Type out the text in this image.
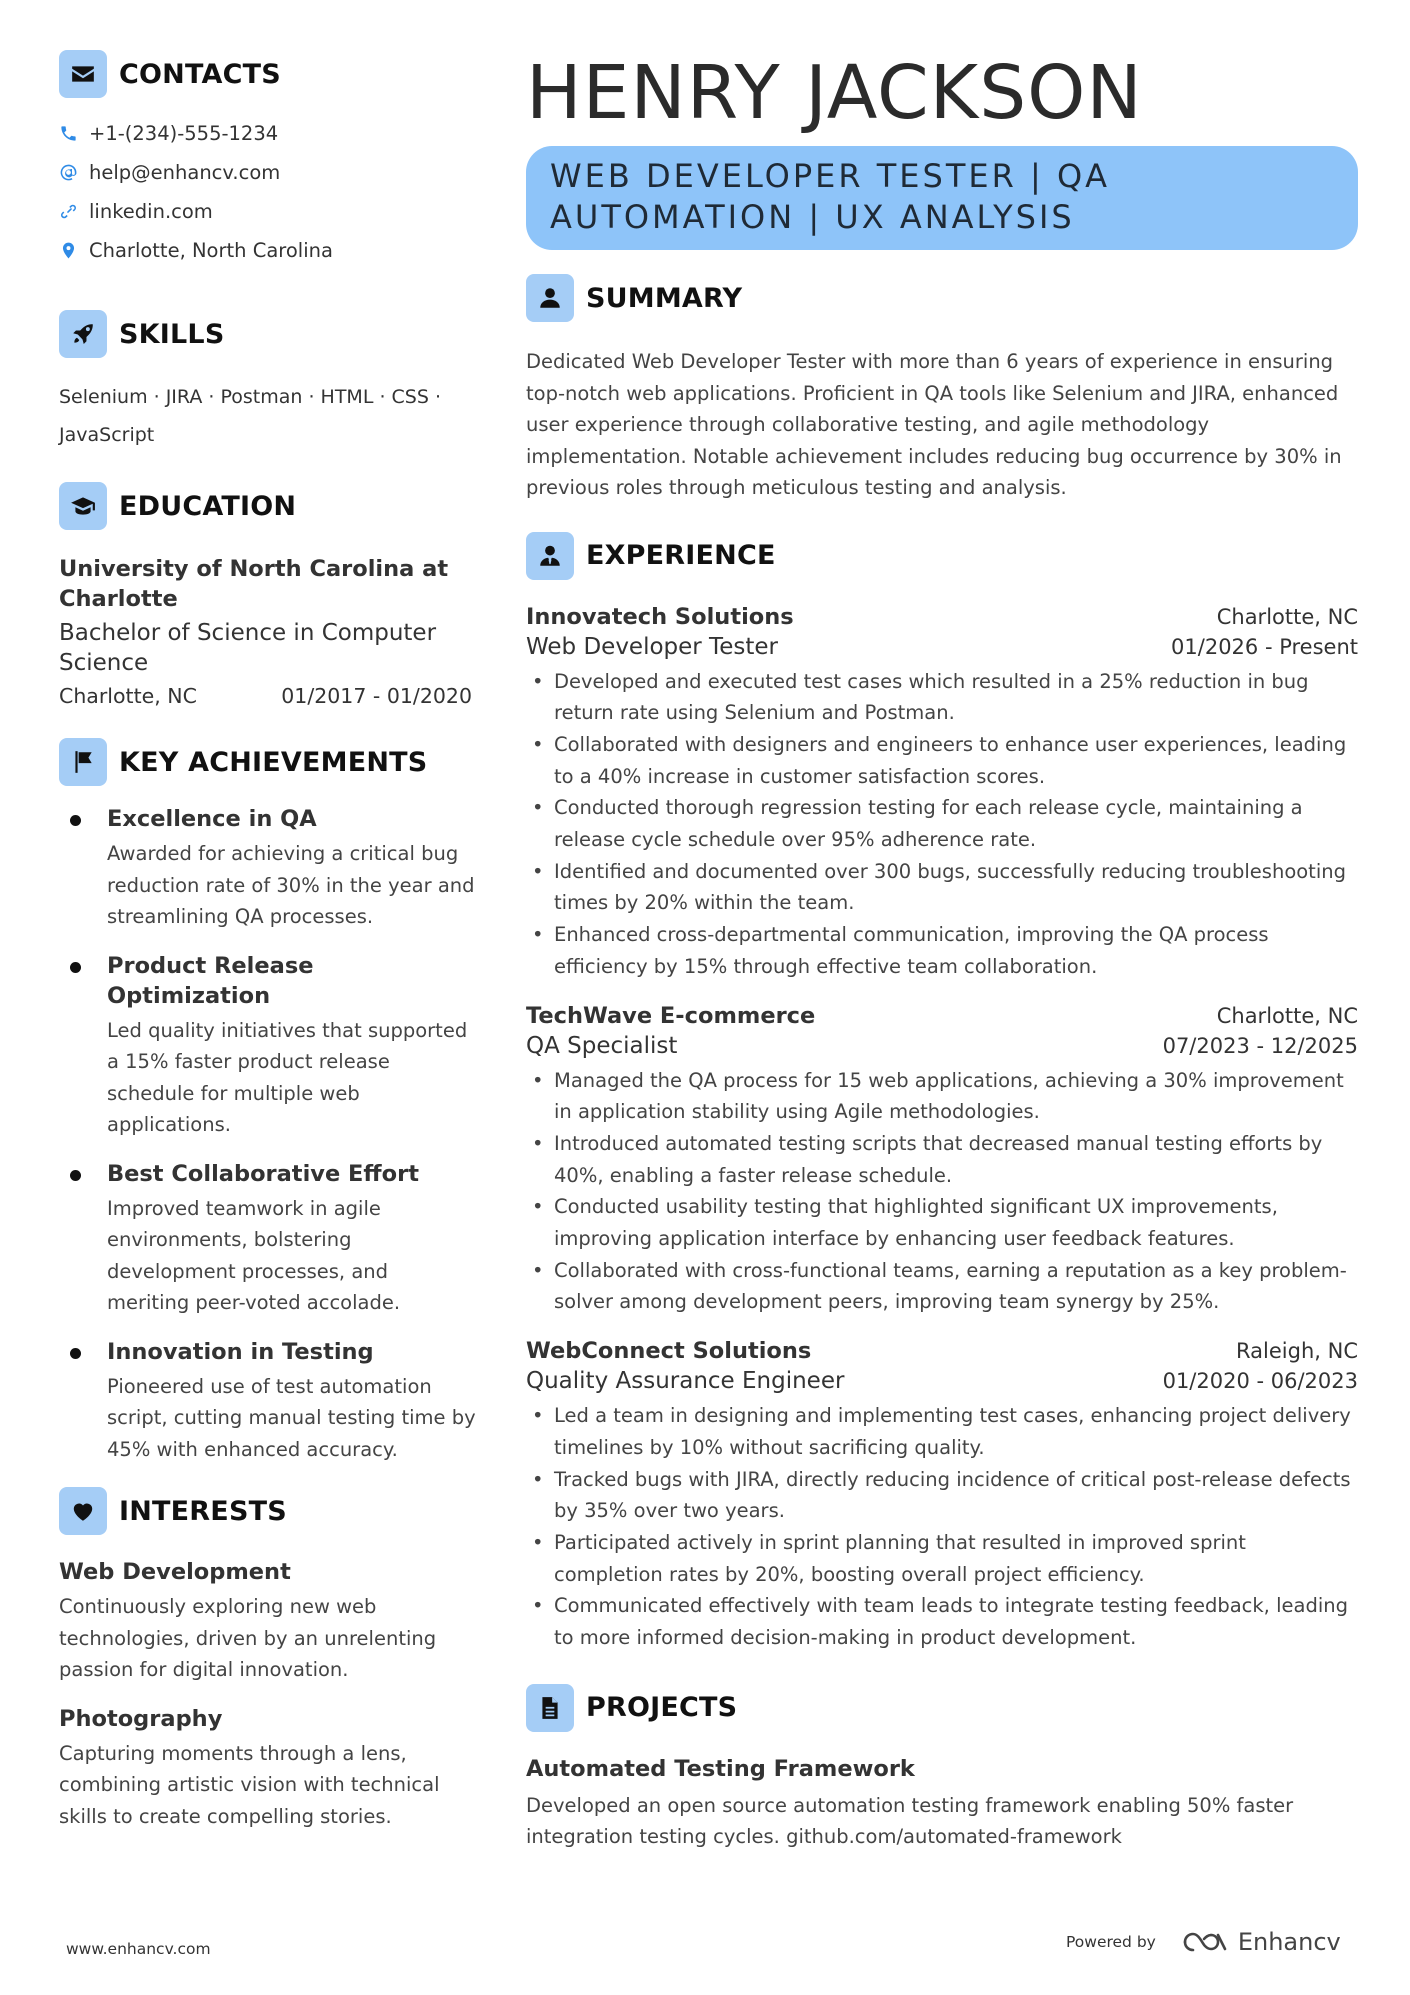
CONTACTS
+1-(234)-555-1234
help@enhancv.com
linkedin.com
Charlotte, North Carolina
SKILLS
Selenium · JIRA · Postman · HTML · CSS · JavaScript
EDUCATION
University of North Carolina at Charlotte
Bachelor of Science in Computer Science
Charlotte, NC	01/2017 - 01/2020
KEY ACHIEVEMENTS
Excellence in QA
Awarded for achieving a critical bug reduction rate of 30% in the year and streamlining QA processes.
Product Release Optimization
Led quality initiatives that supported a 15% faster product release schedule for multiple web applications.
Best Collaborative Effort
Improved teamwork in agile environments, bolstering development processes, and meriting peer-voted accolade.
Innovation in Testing
Pioneered use of test automation script, cutting manual testing time by 45% with enhanced accuracy.
INTERESTS
Web Development
Continuously exploring new web technologies, driven by an unrelenting passion for digital innovation.
Photography
Capturing moments through a lens, combining artistic vision with technical skills to create compelling stories.
HENRY JACKSON
WEB DEVELOPER TESTER | QA
AUTOMATION | UX ANALYSIS
SUMMARY
Dedicated Web Developer Tester with more than 6 years of experience in ensuring top-notch web applications. Proficient in QA tools like Selenium and JIRA, enhanced user experience through collaborative testing, and agile methodology implementation. Notable achievement includes reducing bug occurrence by 30% in previous roles through meticulous testing and analysis.
EXPERIENCE
Innovatech Solutions	Charlotte, NC
Web Developer Tester	01/2026 - Present
• Developed and executed test cases which resulted in a 25% reduction in bug return rate using Selenium and Postman.
• Collaborated with designers and engineers to enhance user experiences, leading to a 40% increase in customer satisfaction scores.
• Conducted thorough regression testing for each release cycle, maintaining a release cycle schedule over 95% adherence rate.
• Identified and documented over 300 bugs, successfully reducing troubleshooting times by 20% within the team.
• Enhanced cross-departmental communication, improving the QA process efficiency by 15% through effective team collaboration.
TechWave E-commerce	Charlotte, NC
QA Specialist	07/2023 - 12/2025
• Managed the QA process for 15 web applications, achieving a 30% improvement in application stability using Agile methodologies.
• Introduced automated testing scripts that decreased manual testing efforts by 40%, enabling a faster release schedule.
• Conducted usability testing that highlighted significant UX improvements, improving application interface by enhancing user feedback features.
• Collaborated with cross-functional teams, earning a reputation as a key problem-solver among development peers, improving team synergy by 25%.
WebConnect Solutions	Raleigh, NC
Quality Assurance Engineer	01/2020 - 06/2023
• Led a team in designing and implementing test cases, enhancing project delivery timelines by 10% without sacrificing quality.
• Tracked bugs with JIRA, directly reducing incidence of critical post-release defects by 35% over two years.
• Participated actively in sprint planning that resulted in improved sprint completion rates by 20%, boosting overall project efficiency.
• Communicated effectively with team leads to integrate testing feedback, leading to more informed decision-making in product development.
PROJECTS
Automated Testing Framework
Developed an open source automation testing framework enabling 50% faster integration testing cycles. github.com/automated-framework
www.enhancv.com	Powered by	Enhancv
